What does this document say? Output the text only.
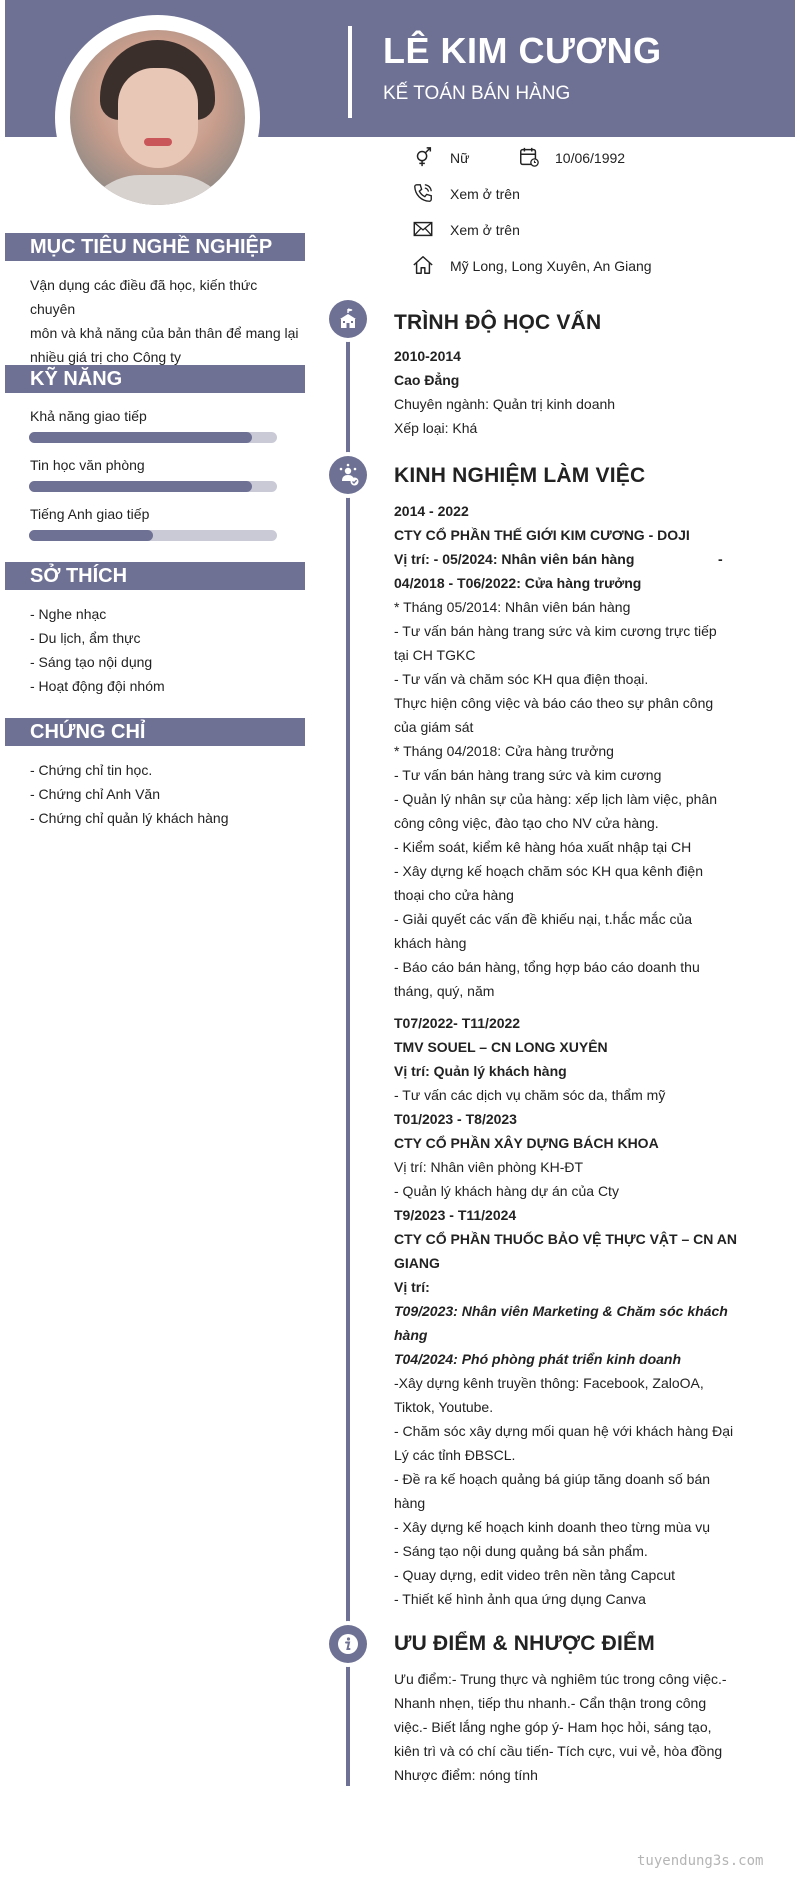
LÊ KIM CƯƠNG
KẾ TOÁN BÁN HÀNG
Nữ	10/06/1992
Xem ở trên
Xem ở trên
Mỹ Long, Long Xuyên, An Giang
MỤC TIÊU NGHỀ NGHIỆP
Vận dụng các điều đã học, kiến thức chuyên
môn và khả năng của bản thân để mang lại
nhiều giá trị cho Công ty
KỸ NĂNG
Khả năng giao tiếp
Tin học văn phòng
Tiếng Anh giao tiếp
SỞ THÍCH
- Nghe nhạc
- Du lịch, ẩm thực
- Sáng tạo nội dụng
- Hoạt động đội nhóm
CHỨNG CHỈ
- Chứng chỉ tin học.
- Chứng chỉ Anh Văn
- Chứng chỉ quản lý khách hàng
TRÌNH ĐỘ HỌC VẤN
2010-2014
Cao Đẳng
Chuyên ngành: Quản trị kinh doanh
Xếp loại: Khá
KINH NGHIỆM LÀM VIỆC
2014 - 2022
CTY CỔ PHẦN THẾ GIỚI KIM CƯƠNG - DOJI
Vị trí: - 05/2024: Nhân viên bán hàng
04/2018 - T06/2022: Cửa hàng trưởng
* Tháng 05/2014: Nhân viên bán hàng
- Tư vấn bán hàng trang sức và kim cương trực tiếp
tại CH TGKC
- Tư vấn và chăm sóc KH qua điện thoại.
Thực hiện công việc và báo cáo theo sự phân công
của giám sát
* Tháng 04/2018: Cửa hàng trưởng
- Tư vấn bán hàng trang sức và kim cương
- Quản lý nhân sự của hàng: xếp lịch làm việc, phân
công công việc, đào tạo cho NV cửa hàng.
- Kiểm soát, kiểm kê hàng hóa xuất nhập tại CH
- Xây dựng kế hoạch chăm sóc KH qua kênh điện
thoại cho cửa hàng
- Giải quyết các vấn đề khiếu nại, t.hắc mắc của
khách hàng
- Báo cáo bán hàng, tổng hợp báo cáo doanh thu
tháng, quý, năm
-
T07/2022- T11/2022
TMV SOUEL – CN LONG XUYÊN
Vị trí: Quản lý khách hàng
- Tư vấn các dịch vụ chăm sóc da, thẩm mỹ
T01/2023 - T8/2023
CTY CỔ PHẦN XÂY DỰNG BÁCH KHOA
Vị trí: Nhân viên phòng KH-ĐT
- Quản lý khách hàng dự án của Cty
T9/2023 - T11/2024
CTY CỔ PHẦN THUỐC BẢO VỆ THỰC VẬT – CN AN
GIANG
Vị trí:
T09/2023: Nhân viên Marketing & Chăm sóc khách
hàng
T04/2024: Phó phòng phát triển kinh doanh
-Xây dựng kênh truyền thông: Facebook, ZaloOA,
Tiktok, Youtube.
- Chăm sóc xây dựng mối quan hệ với khách hàng Đại
Lý các tỉnh ĐBSCL.
- Đề ra kế hoạch quảng bá giúp tăng doanh số bán
hàng
- Xây dựng kế hoạch kinh doanh theo từng mùa vụ
- Sáng tạo nội dung quảng bá sản phẩm.
- Quay dựng, edit video trên nền tảng Capcut
- Thiết kế hình ảnh qua ứng dụng Canva
ƯU ĐIỂM & NHƯỢC ĐIỂM
Ưu điểm:- Trung thực và nghiêm túc trong công việc.-
Nhanh nhẹn, tiếp thu nhanh.- Cẩn thận trong công
việc.- Biết lắng nghe góp ý- Ham học hỏi, sáng tạo,
kiên trì và có chí cầu tiến- Tích cực, vui vẻ, hòa đồng
Nhược điểm: nóng tính
tuyendung3s.com
